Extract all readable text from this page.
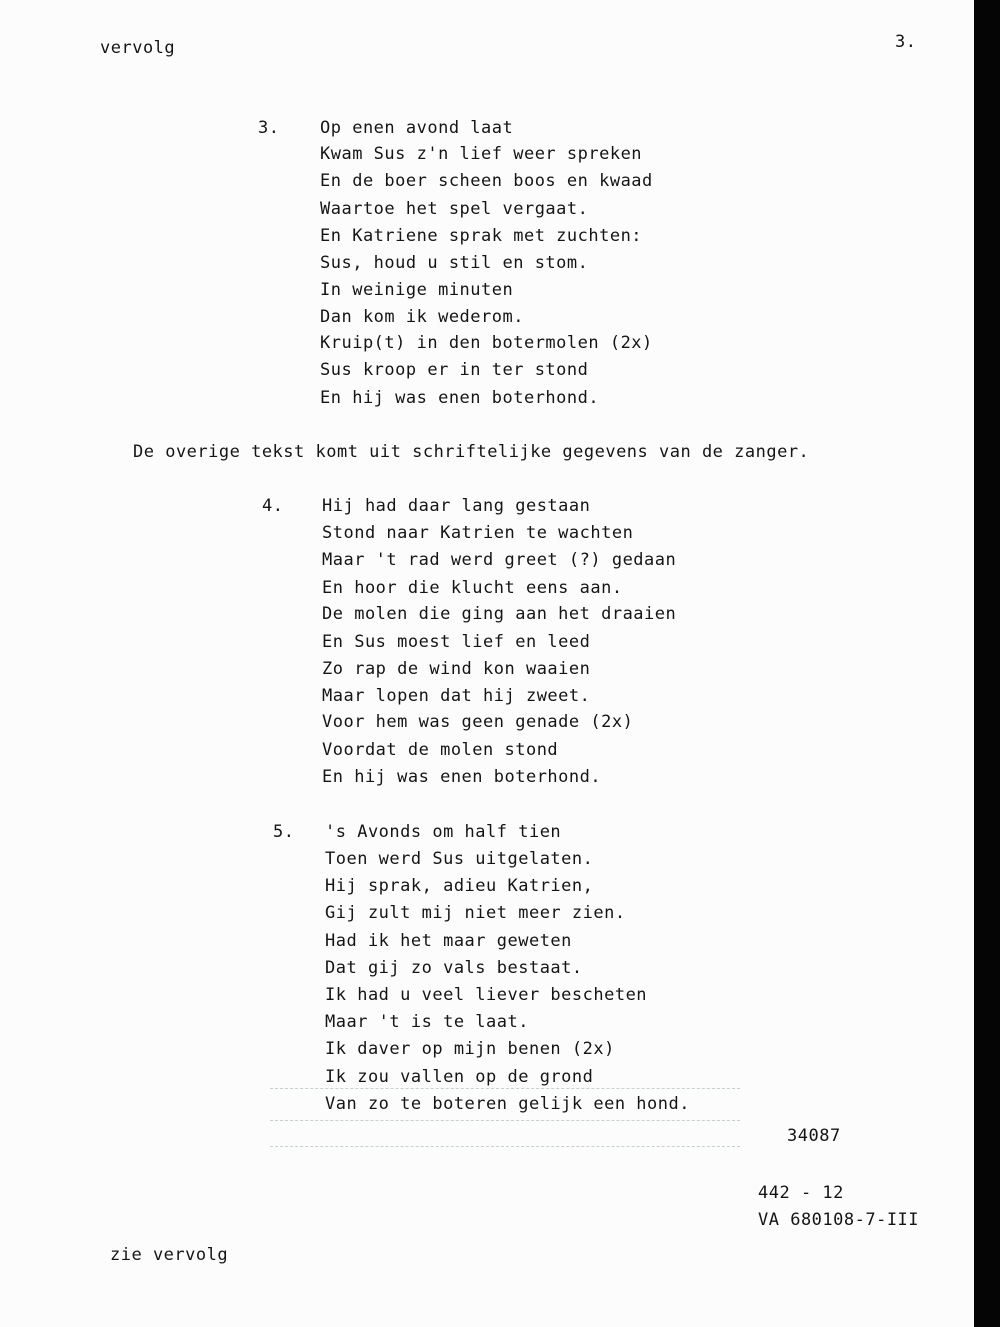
vervolg	3.
3. Op enen avond laat
Kwam Sus z'n lief weer spreken
En de boer scheen boos en kwaad
Waartoe het spel vergaat.
En Katriene sprak met zuchten:
Sus, houd u stil en stom.
In weinige minuten
Dan kom ik wederom.
Kruip(t) in den botermolen (2x)
Sus kroop er in ter stond
En hij was enen boterhond.
De overige tekst komt uit schriftelijke gegevens van de zanger.
4. Hij had daar lang gestaan
Stond naar Katrien te wachten
Maar 't rad werd greet (?) gedaan
En hoor die klucht eens aan.
De molen die ging aan het draaien
En Sus moest lief en leed
Zo rap de wind kon waaien
Maar lopen dat hij zweet.
Voor hem was geen genade (2x)
Voordat de molen stond
En hij was enen boterhond.
5. 's Avonds om half tien
Toen werd Sus uitgelaten.
Hij sprak, adieu Katrien,
Gij zult mij niet meer zien.
Had ik het maar geweten
Dat gij zo vals bestaat.
Ik had u veel liever bescheten
Maar 't is te laat.
Ik daver op mijn benen (2x)
Ik zou vallen op de grond
Van zo te boteren gelijk een hond.
34087
442 - 12
VA 680108-7-III
zie vervolg
